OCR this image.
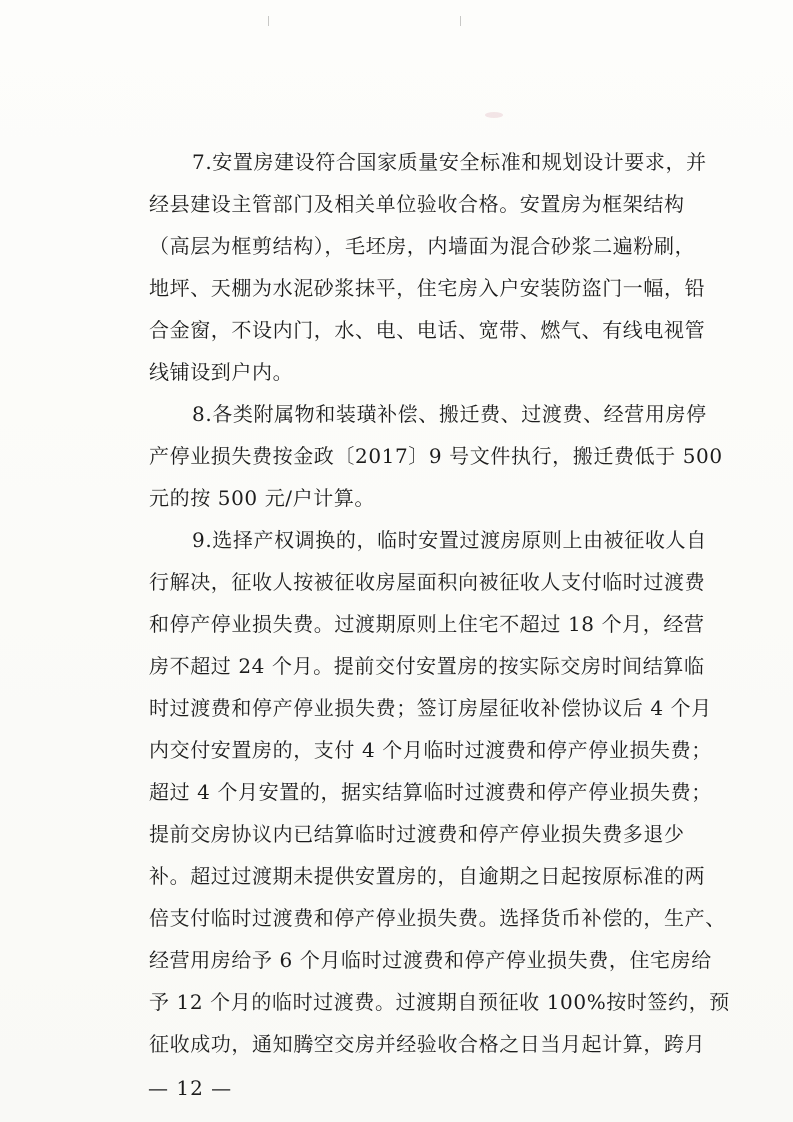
7.安置房建设符合国家质量安全标准和规划设计要求，并
经县建设主管部门及相关单位验收合格。安置房为框架结构
（高层为框剪结构），毛坯房，内墙面为混合砂浆二遍粉刷，
地坪、天棚为水泥砂浆抹平，住宅房入户安装防盗门一幅，铅
合金窗，不设内门，水、电、电话、宽带、燃气、有线电视管
线铺设到户内。
8.各类附属物和装璜补偿、搬迁费、过渡费、经营用房停
产停业损失费按金政〔2017〕9 号文件执行，搬迁费低于 500
元的按 500 元/户计算。
9.选择产权调换的，临时安置过渡房原则上由被征收人自
行解决，征收人按被征收房屋面积向被征收人支付临时过渡费
和停产停业损失费。过渡期原则上住宅不超过 18 个月，经营
房不超过 24 个月。提前交付安置房的按实际交房时间结算临
时过渡费和停产停业损失费；签订房屋征收补偿协议后 4 个月
内交付安置房的，支付 4 个月临时过渡费和停产停业损失费；
超过 4 个月安置的，据实结算临时过渡费和停产停业损失费；
提前交房协议内已结算临时过渡费和停产停业损失费多退少
补。超过过渡期未提供安置房的，自逾期之日起按原标准的两
倍支付临时过渡费和停产停业损失费。选择货币补偿的，生产、
经营用房给予 6 个月临时过渡费和停产停业损失费，住宅房给
予 12 个月的临时过渡费。过渡期自预征收 100%按时签约，预
征收成功，通知腾空交房并经验收合格之日当月起计算，跨月
— 12 —
